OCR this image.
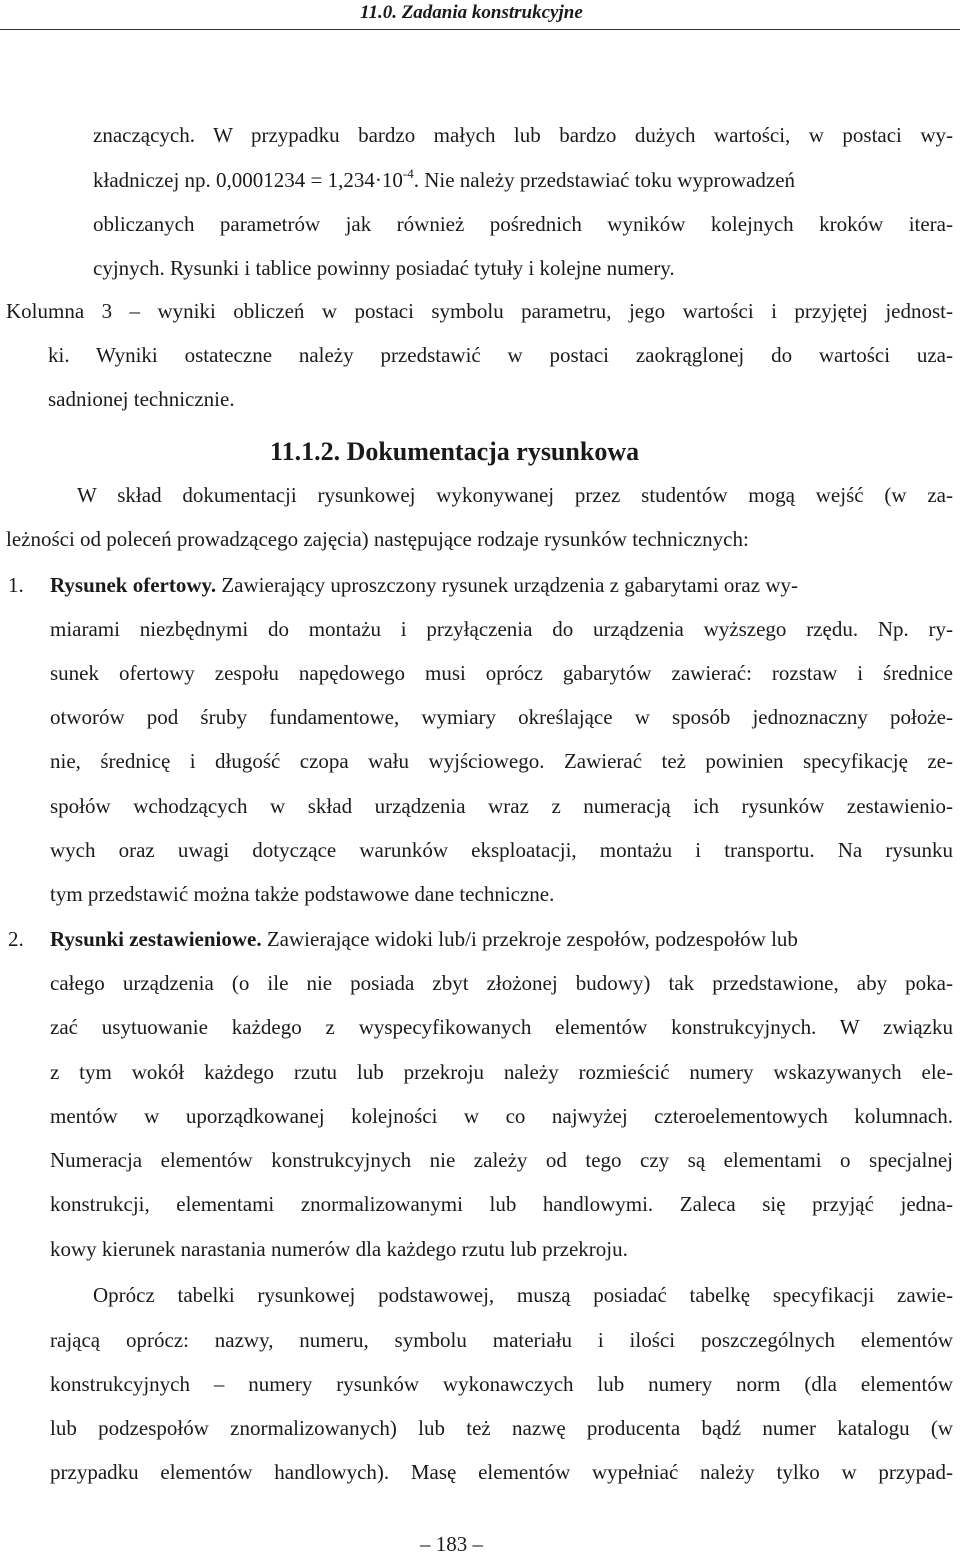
11.0. Zadania konstrukcyjne
znaczących. W przypadku bardzo małych lub bardzo dużych wartości, w postaci wy-
kładniczej np. $0,0001234 = 1,234\cdot 10^{-4}$. Nie należy przedstawiać toku wyprowadzeń
obliczanych parametrów jak również pośrednich wyników kolejnych kroków itera-
cyjnych. Rysunki i tablice powinny posiadać tytuły i kolejne numery.
Kolumna 3 – wyniki obliczeń w postaci symbolu parametru, jego wartości i przyjętej jednost-
ki. Wyniki ostateczne należy przedstawić w postaci zaokrąglonej do wartości uza-
sadnionej technicznie.
11.1.2. Dokumentacja rysunkowa
W skład dokumentacji rysunkowej wykonywanej przez studentów mogą wejść (w za-
leżności od poleceń prowadzącego zajęcia) następujące rodzaje rysunków technicznych:
1. Rysunek ofertowy. Zawierający uproszczony rysunek urządzenia z gabarytami oraz wy-
miarami niezbędnymi do montażu i przyłączenia do urządzenia wyższego rzędu. Np. ry-
sunek ofertowy zespołu napędowego musi oprócz gabarytów zawierać: rozstaw i średnice
otworów pod śruby fundamentowe, wymiary określające w sposób jednoznaczny położe-
nie, średnicę i długość czopa wału wyjściowego. Zawierać też powinien specyfikację ze-
społów wchodzących w skład urządzenia wraz z numeracją ich rysunków zestawienio-
wych oraz uwagi dotyczące warunków eksploatacji, montażu i transportu. Na rysunku
tym przedstawić można także podstawowe dane techniczne.
2. Rysunki zestawieniowe. Zawierające widoki lub/i przekroje zespołów, podzespołów lub
całego urządzenia (o ile nie posiada zbyt złożonej budowy) tak przedstawione, aby poka-
zać usytuowanie każdego z wyspecyfikowanych elementów konstrukcyjnych. W związku
z tym wokół każdego rzutu lub przekroju należy rozmieścić numery wskazywanych ele-
mentów w uporządkowanej kolejności w co najwyżej czteroelementowych kolumnach.
Numeracja elementów konstrukcyjnych nie zależy od tego czy są elementami o specjalnej
konstrukcji, elementami znormalizowanymi lub handlowymi. Zaleca się przyjąć jedna-
kowy kierunek narastania numerów dla każdego rzutu lub przekroju.
Oprócz tabelki rysunkowej podstawowej, muszą posiadać tabelkę specyfikacji zawie-
rającą oprócz: nazwy, numeru, symbolu materiału i ilości poszczególnych elementów
konstrukcyjnych – numery rysunków wykonawczych lub numery norm (dla elementów
lub podzespołów znormalizowanych) lub też nazwę producenta bądź numer katalogu (w
przypadku elementów handlowych). Masę elementów wypełniać należy tylko w przypad-
– 183 –
